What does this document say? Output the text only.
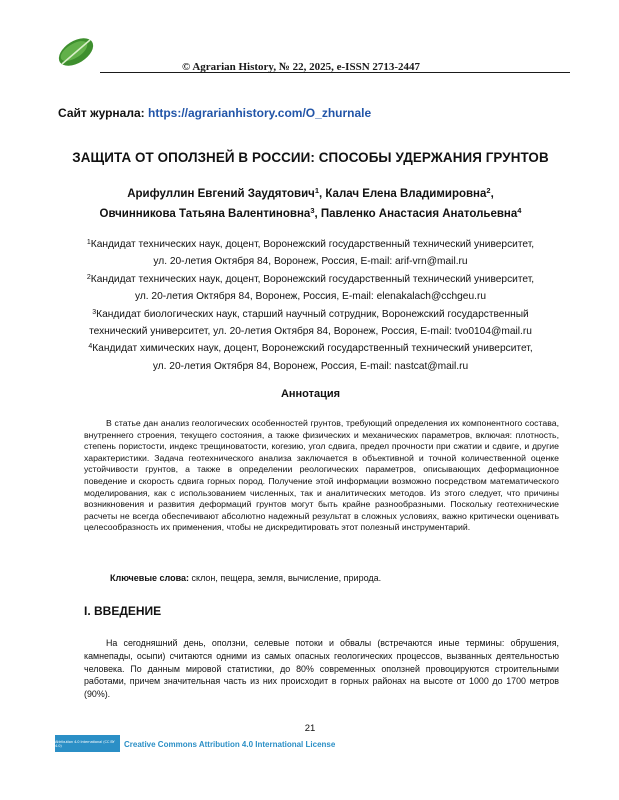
© Agrarian History, № 22, 2025, e-ISSN 2713-2447
Сайт журнала: https://agrarianhistory.com/O_zhurnale
ЗАЩИТА ОТ ОПОЛЗНЕЙ В РОССИИ: СПОСОБЫ УДЕРЖАНИЯ ГРУНТОВ
Арифуллин Евгений Заудятович$^1$, Калач Елена Владимировна$^2$,
Овчинникова Татьяна Валентиновна$^3$, Павленко Анастасия Анатольевна$^4$
$^1$Кандидат технических наук, доцент, Воронежский государственный технический университет,
ул. 20-летия Октября 84, Воронеж, Россия, E-mail: arif-vrn@mail.ru
$^2$Кандидат технических наук, доцент, Воронежский государственный технический университет,
ул. 20-летия Октября 84, Воронеж, Россия, E-mail: elenakalach@cchgeu.ru
$^3$Кандидат биологических наук, старший научный сотрудник, Воронежский государственный
технический университет, ул. 20-летия Октября 84, Воронеж, Россия, E-mail: tvo0104@mail.ru
$^4$Кандидат химических наук, доцент, Воронежский государственный технический университет,
ул. 20-летия Октября 84, Воронеж, Россия, E-mail: nastcat@mail.ru
Аннотация

В статье дан анализ геологических особенностей грунтов, требующий определения их компонентного состава, внутреннего строения, текущего состояния, а также физических и механических параметров, включая: плотность, степень пористости, индекс трещиноватости, когезию, угол сдвига, предел прочности при сжатии и сдвиге, и другие характеристики. Задача геотехнического анализа заключается в объективной и точной количественной оценке устойчивости грунтов, а также в определении реологических параметров, описывающих деформационное поведение и скорость сдвига горных пород. Получение этой информации возможно посредством математического моделирования, как с использованием численных, так и аналитических методов. Из этого следует, что причины возникновения и развития деформаций грунтов могут быть крайне разнообразными. Поскольку геотехнические расчеты не всегда обеспечивают абсолютно надежный результат в сложных условиях, важно критически оценивать целесообразность их применения, чтобы не дискредитировать этот полезный инструментарий.

Ключевые слова: склон, пещера, земля, вычисление, природа.
I. ВВЕДЕНИЕ

На сегодняшний день, оползни, селевые потоки и обвалы (встречаются иные термины: обрушения, камнепады, осыпи) считаются одними из самых опасных геологических процессов, вызванных деятельностью человека. По данным мировой статистики, до 80% современных оползней провоцируются строительными работами, причем значительная часть из них происходит в горных районах на высоте от 1000 до 1700 метров (90%).

21
Attribution 4.0 International (CC BY 4.0)	Creative Commons Attribution 4.0 International License
